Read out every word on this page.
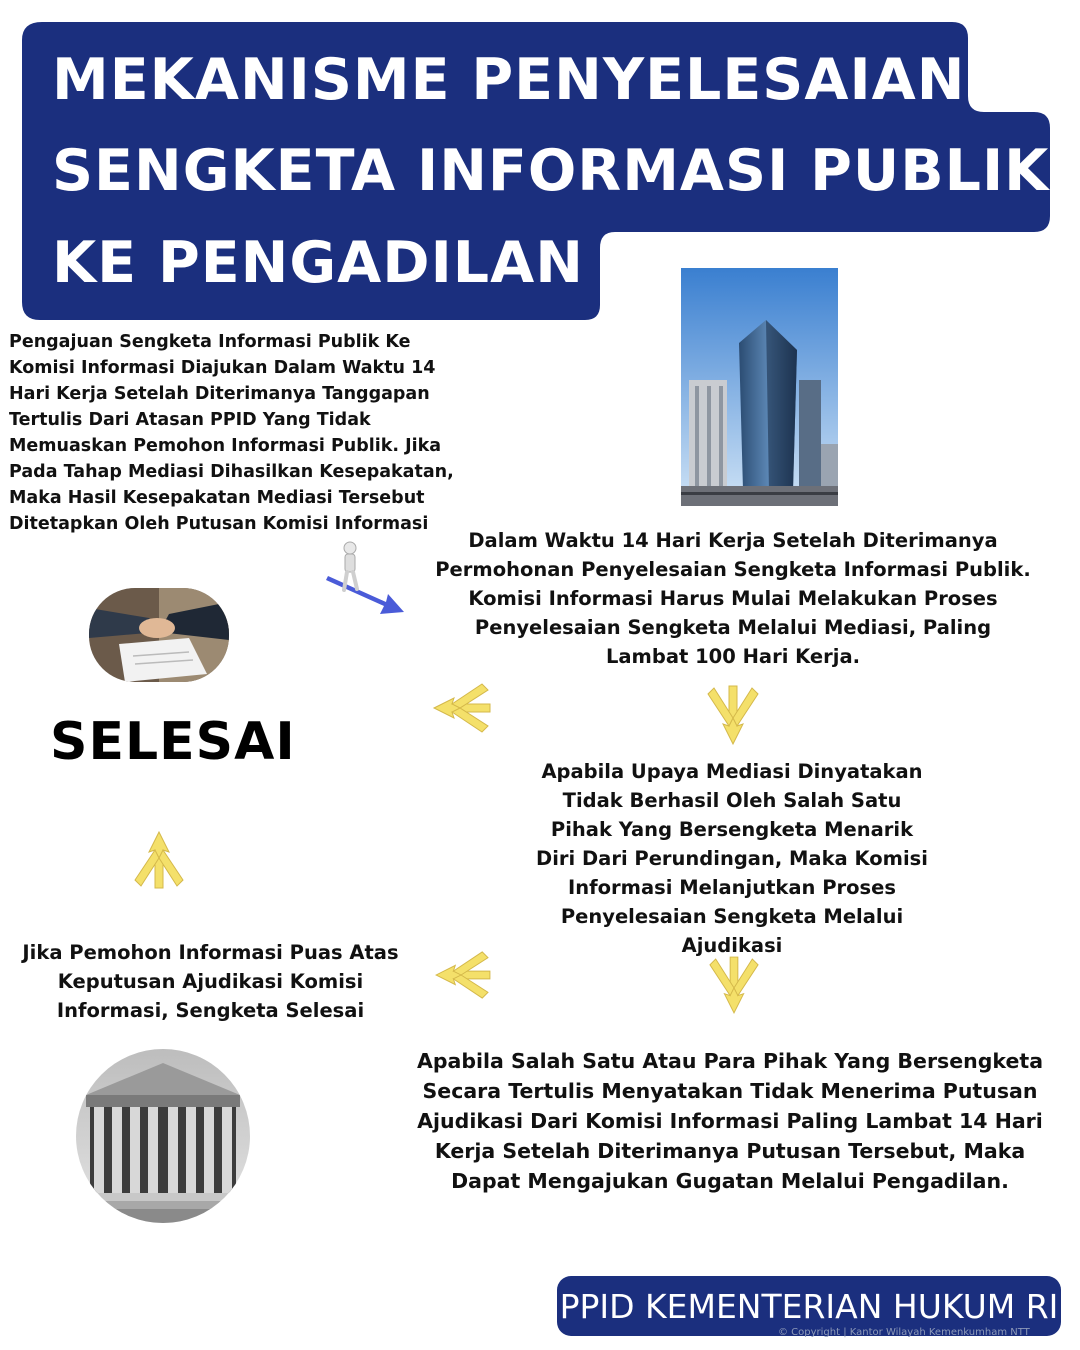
MEKANISME PENYELESAIAN
SENGKETA INFORMASI PUBLIK
KE PENGADILAN
Pengajuan Sengketa Informasi Publik Ke Komisi Informasi Diajukan Dalam Waktu 14 Hari Kerja Setelah Diterimanya Tanggapan Tertulis Dari Atasan PPID Yang Tidak Memuaskan Pemohon Informasi Publik. Jika Pada Tahap Mediasi Dihasilkan Kesepakatan, Maka Hasil Kesepakatan Mediasi Tersebut Ditetapkan Oleh Putusan Komisi Informasi
SELESAI
Dalam Waktu 14 Hari Kerja Setelah Diterimanya Permohonan Penyelesaian Sengketa Informasi Publik. Komisi Informasi Harus Mulai Melakukan Proses Penyelesaian Sengketa Melalui Mediasi, Paling Lambat 100 Hari Kerja.
Apabila Upaya Mediasi Dinyatakan Tidak Berhasil Oleh Salah Satu Pihak Yang Bersengketa Menarik Diri Dari Perundingan, Maka Komisi Informasi Melanjutkan Proses Penyelesaian Sengketa Melalui Ajudikasi
Jika Pemohon Informasi Puas Atas Keputusan Ajudikasi Komisi Informasi, Sengketa Selesai
Apabila Salah Satu Atau Para Pihak Yang Bersengketa Secara Tertulis Menyatakan Tidak Menerima Putusan Ajudikasi Dari Komisi Informasi Paling Lambat 14 Hari Kerja Setelah Diterimanya Putusan Tersebut, Maka Dapat Mengajukan Gugatan Melalui Pengadilan.
PPID KEMENTERIAN HUKUM RI
© Copyright | Kantor Wilayah Kemenkumham NTT
